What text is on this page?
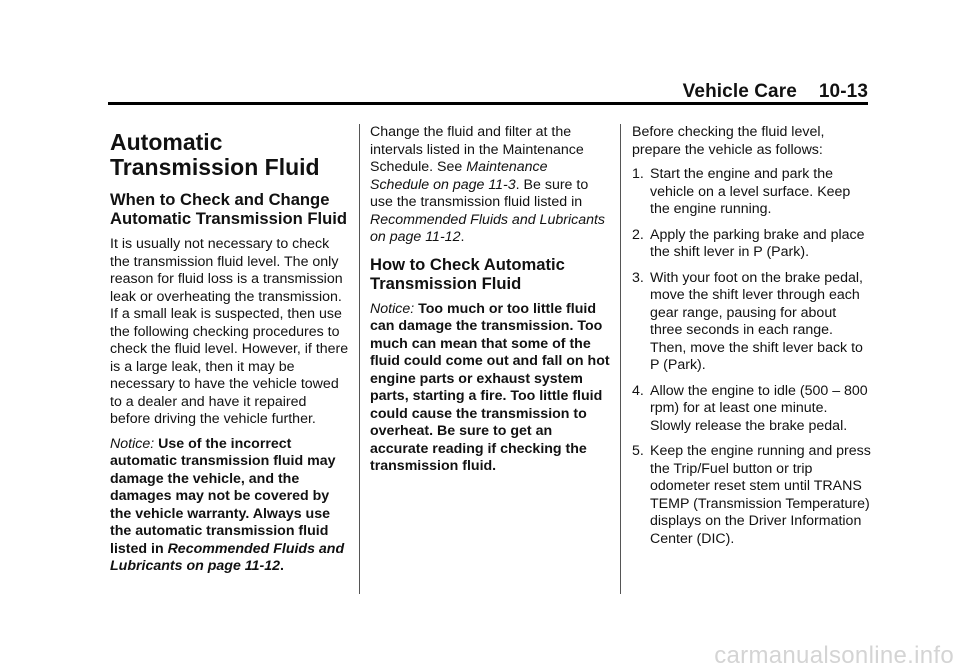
Vehicle Care 10-13
Automatic Transmission Fluid
When to Check and Change Automatic Transmission Fluid

It is usually not necessary to check the transmission fluid level. The only reason for fluid loss is a transmission leak or overheating the transmission. If a small leak is suspected, then use the following checking procedures to check the fluid level. However, if there is a large leak, then it may be necessary to have the vehicle towed to a dealer and have it repaired before driving the vehicle further.

Notice: Use of the incorrect automatic transmission fluid may damage the vehicle, and the damages may not be covered by the vehicle warranty. Always use the automatic transmission fluid listed in Recommended Fluids and Lubricants on page 11-12.

Change the fluid and filter at the intervals listed in the Maintenance Schedule. See Maintenance Schedule on page 11-3. Be sure to use the transmission fluid listed in Recommended Fluids and Lubricants on page 11-12.

How to Check Automatic Transmission Fluid

Notice: Too much or too little fluid can damage the transmission. Too much can mean that some of the fluid could come out and fall on hot engine parts or exhaust system parts, starting a fire. Too little fluid could cause the transmission to overheat. Be sure to get an accurate reading if checking the transmission fluid.

Before checking the fluid level, prepare the vehicle as follows:

1. Start the engine and park the vehicle on a level surface. Keep the engine running.
2. Apply the parking brake and place the shift lever in P (Park).
3. With your foot on the brake pedal, move the shift lever through each gear range, pausing for about three seconds in each range. Then, move the shift lever back to P (Park).
4. Allow the engine to idle (500 – 800 rpm) for at least one minute. Slowly release the brake pedal.
5. Keep the engine running and press the Trip/Fuel button or trip odometer reset stem until TRANS TEMP (Transmission Temperature) displays on the Driver Information Center (DIC).
carmanualsonline.info
